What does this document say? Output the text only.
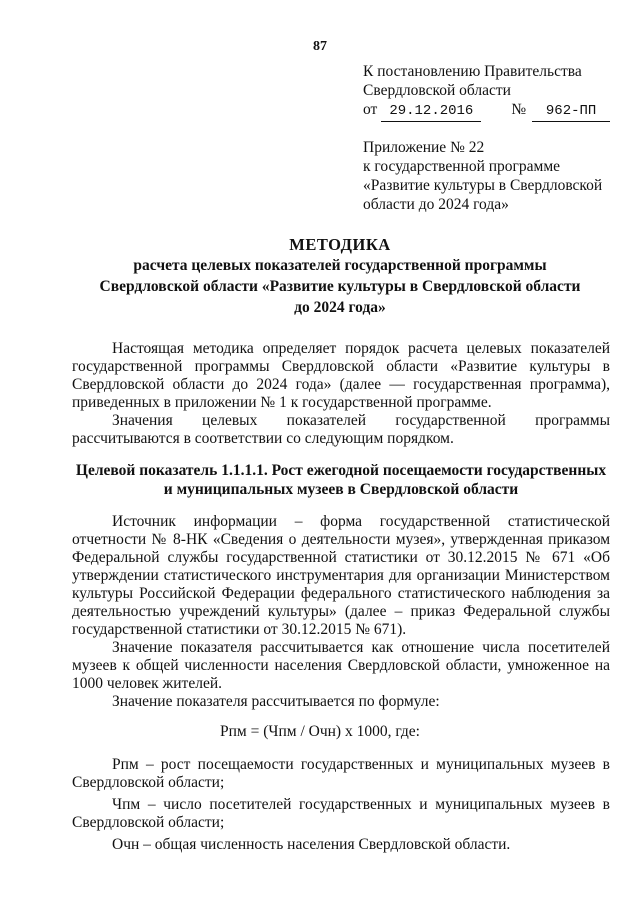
87
К постановлению Правительства
Свердловской области
от 29.12.2016 № 962-ПП
Приложение № 22
к государственной программе
«Развитие культуры в Свердловской
области до 2024 года»
МЕТОДИКА
расчета целевых показателей государственной программы
Свердловской области «Развитие культуры в Свердловской области
до 2024 года»

Настоящая методика определяет порядок расчета целевых показателей государственной программы Свердловской области «Развитие культуры в Свердловской области до 2024 года» (далее — государственная программа), приведенных в приложении № 1 к государственной программе.

Значения целевых показателей государственной программы рассчитываются в соответствии со следующим порядком.

Целевой показатель 1.1.1.1. Рост ежегодной посещаемости государственных
и муниципальных музеев в Свердловской области

Источник информации – форма государственной статистической отчетности № 8-НК «Сведения о деятельности музея», утвержденная приказом Федеральной службы государственной статистики от 30.12.2015 № 671 «Об утверждении статистического инструментария для организации Министерством культуры Российской Федерации федерального статистического наблюдения за деятельностью учреждений культуры» (далее – приказ Федеральной службы государственной статистики от 30.12.2015 № 671).

Значение показателя рассчитывается как отношение числа посетителей музеев к общей численности населения Свердловской области, умноженное на 1000 человек жителей.

Значение показателя рассчитывается по формуле:

Рпм = (Чпм / Очн) х 1000, где:

Рпм – рост посещаемости государственных и муниципальных музеев в Свердловской области;

Чпм – число посетителей государственных и муниципальных музеев в Свердловской области;

Очн – общая численность населения Свердловской области.
